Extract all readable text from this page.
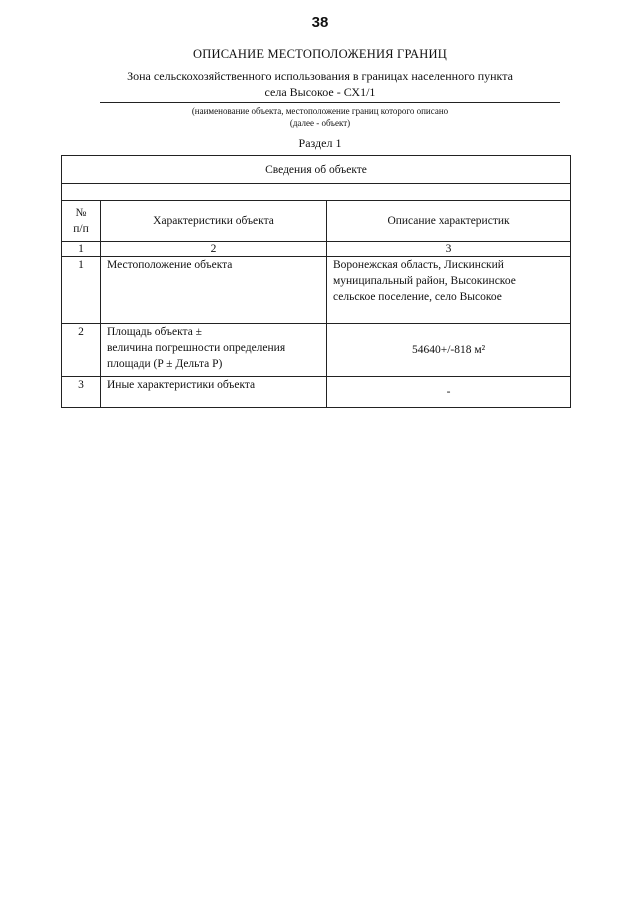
38
ОПИСАНИЕ МЕСТОПОЛОЖЕНИЯ ГРАНИЦ
Зона сельскохозяйственного использования в границах населенного пункта
села Высокое - СХ1/1
(наименование объекта, местоположение границ которого описано
(далее - объект)
Раздел 1
Сведения об объекте		

№
п/п	Характеристики объекта	Описание характеристик
1	2	3
1	Местоположение объекта	Воронежская область, Лискинский
муниципальный район, Высокинское
сельское поселение, село Высокое

2	Площадь объекта ±
величина погрешности определения
площади (P ± Дельта P)	54640+/-818 м²
3	Иные характеристики объекта	-
